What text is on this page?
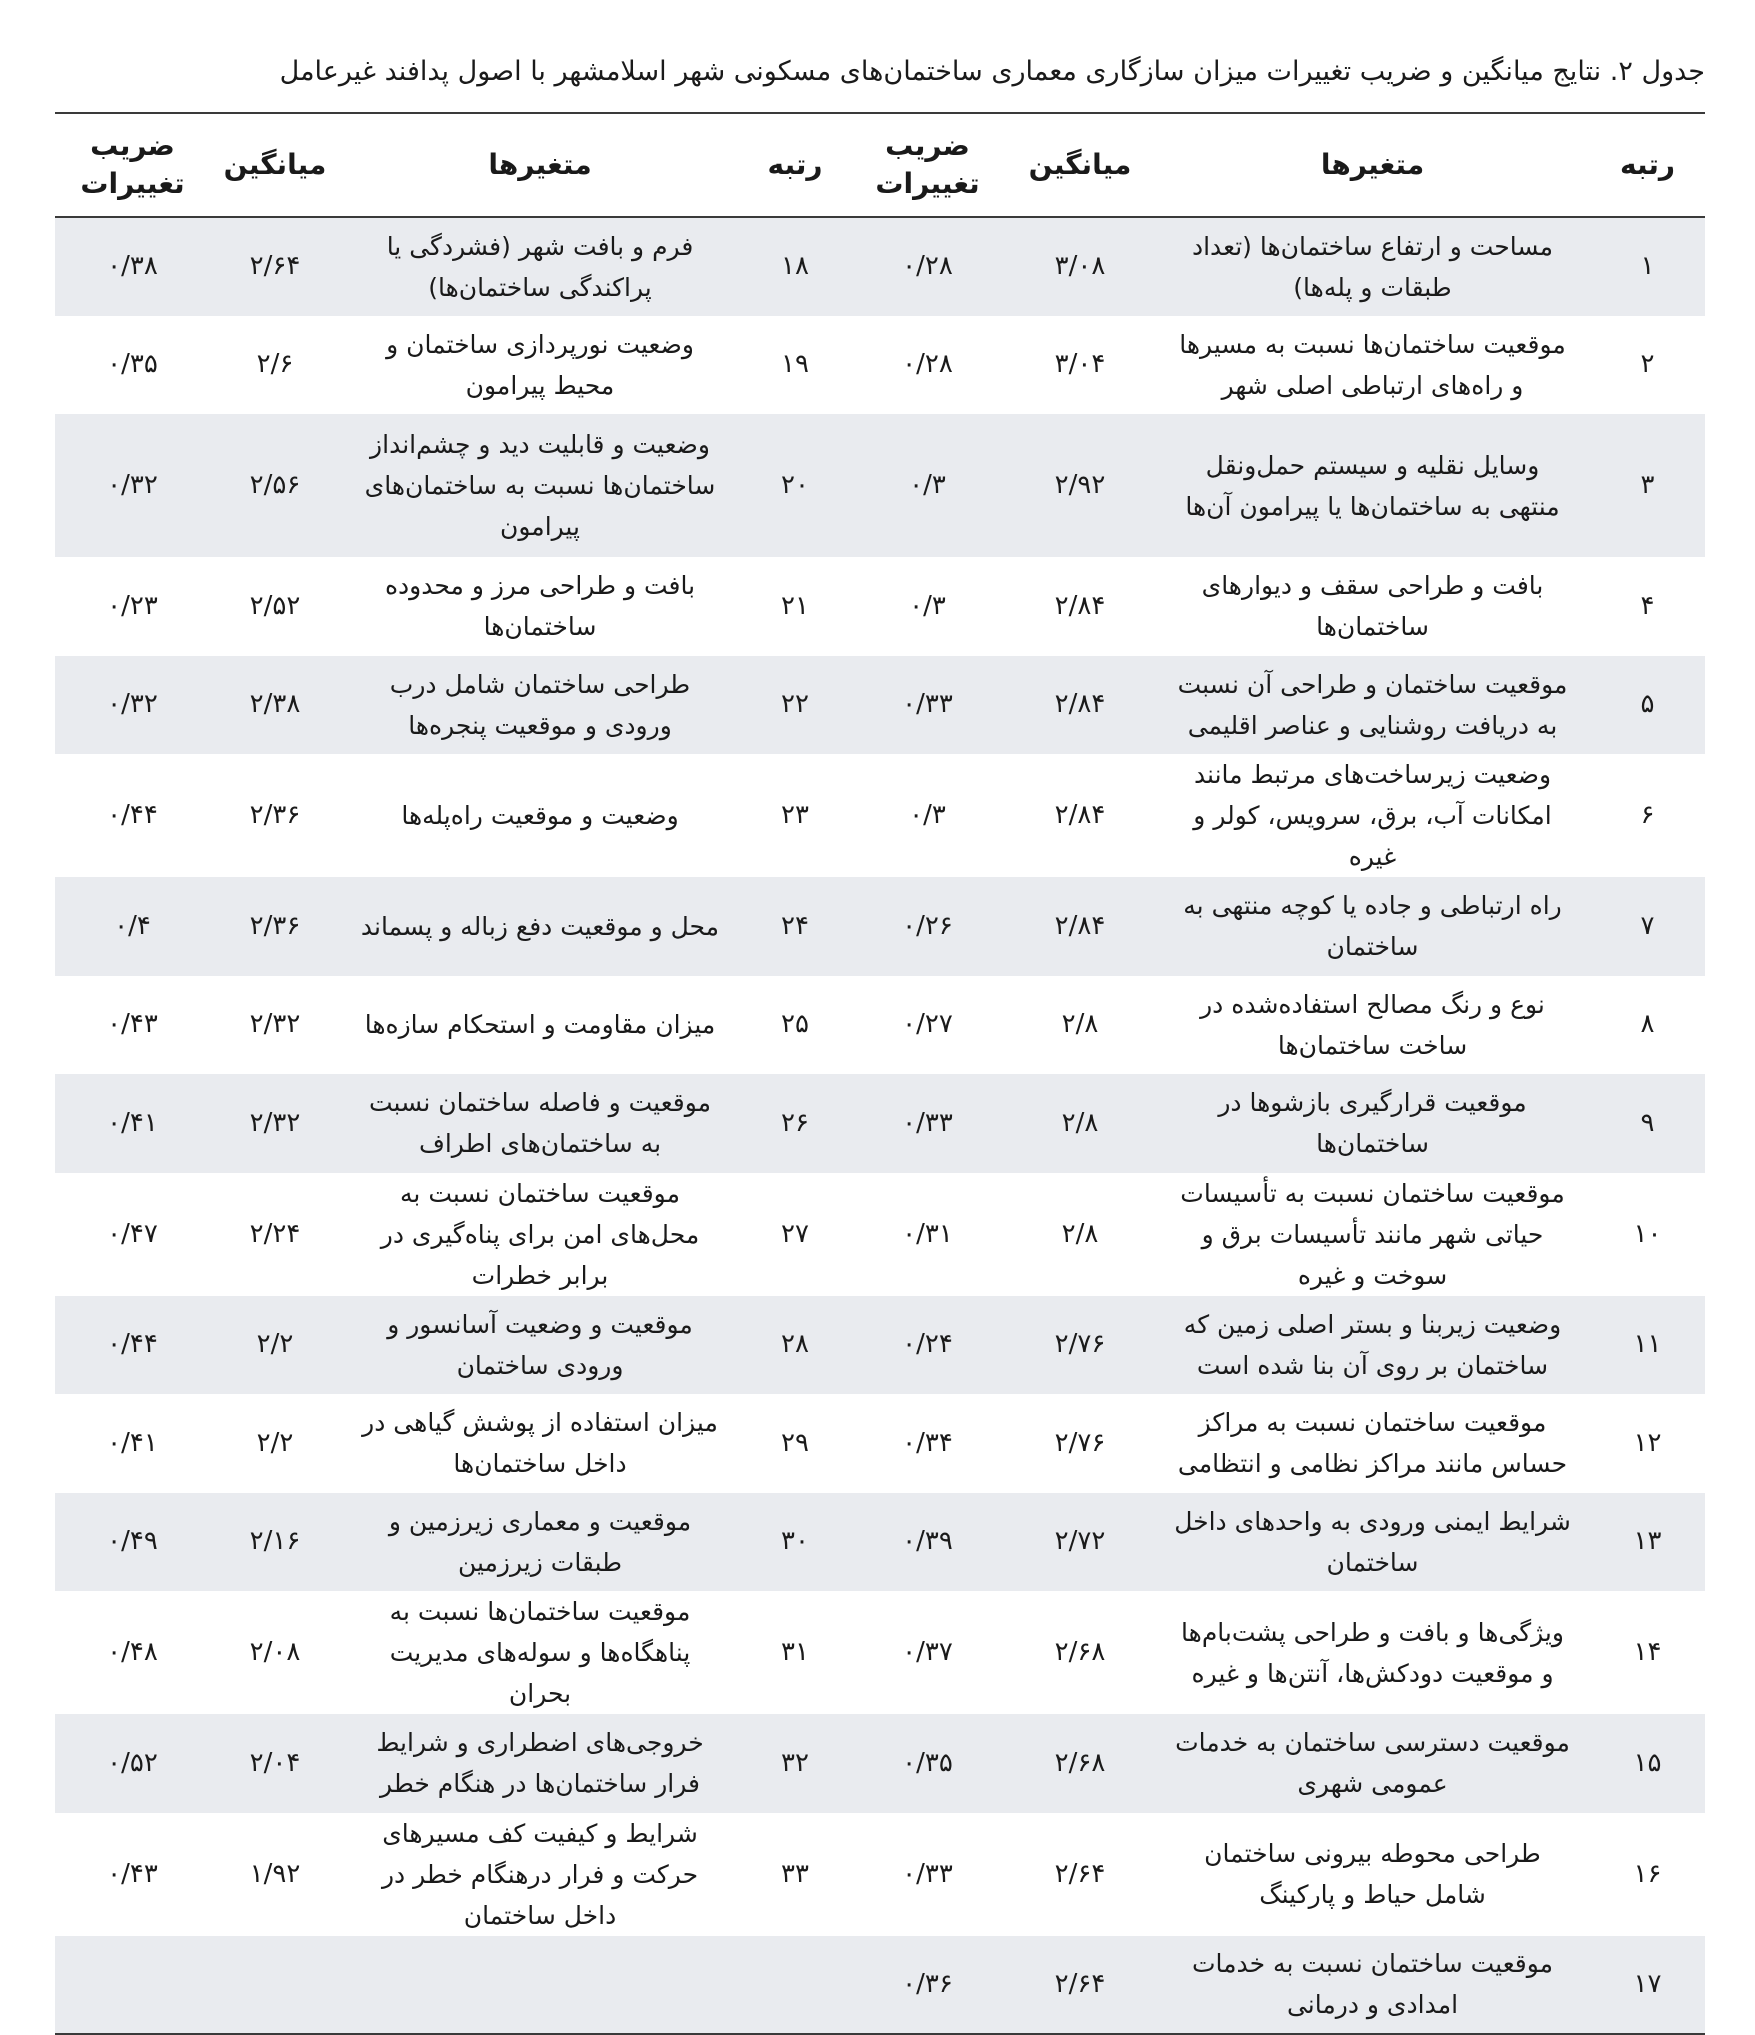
جدول ۲. نتایج میانگین و ضریب تغییرات میزان سازگاری معماری ساختمان‌های مسکونی شهر اسلامشهر با اصول پدافند غیرعامل
رتبه	متغیرها	میانگین	ضریب تغییرات	رتبه	متغیرها	میانگین	ضریب تغییرات
۱	مساحت و ارتفاع ساختمان‌ها (تعداد طبقات و پله‌ها)	۳/۰۸	۰/۲۸	۱۸	فرم و بافت شهر (فشردگی یا پراکندگی ساختمان‌ها)	۲/۶۴	۰/۳۸
۲	موقعیت ساختمان‌ها نسبت به مسیرها و راه‌های ارتباطی اصلی شهر	۳/۰۴	۰/۲۸	۱۹	وضعیت نورپردازی ساختمان و محیط پیرامون	۲/۶	۰/۳۵
۳	وسایل نقلیه و سیستم حمل‌ونقل منتهی به ساختمان‌ها یا پیرامون آن‌ها	۲/۹۲	۰/۳	۲۰	وضعیت و قابلیت دید و چشم‌انداز ساختمان‌ها نسبت به ساختمان‌های پیرامون	۲/۵۶	۰/۳۲
۴	بافت و طراحی سقف و دیوارهای ساختمان‌ها	۲/۸۴	۰/۳	۲۱	بافت و طراحی مرز و محدوده ساختمان‌ها	۲/۵۲	۰/۲۳
۵	موقعیت ساختمان و طراحی آن نسبت به دریافت روشنایی و عناصر اقلیمی	۲/۸۴	۰/۳۳	۲۲	طراحی ساختمان شامل درب ورودی و موقعیت پنجره‌ها	۲/۳۸	۰/۳۲
۶	وضعیت زیرساخت‌های مرتبط مانند امکانات آب، برق، سرویس، کولر و غیره	۲/۸۴	۰/۳	۲۳	وضعیت و موقعیت راه‌پله‌ها	۲/۳۶	۰/۴۴
۷	راه ارتباطی و جاده یا کوچه منتهی به ساختمان	۲/۸۴	۰/۲۶	۲۴	محل و موقعیت دفع زباله و پسماند	۲/۳۶	۰/۴
۸	نوع و رنگ مصالح استفاده‌شده در ساخت ساختمان‌ها	۲/۸	۰/۲۷	۲۵	میزان مقاومت و استحکام سازه‌ها	۲/۳۲	۰/۴۳
۹	موقعیت قرارگیری بازشوها در ساختمان‌ها	۲/۸	۰/۳۳	۲۶	موقعیت و فاصله ساختمان نسبت به ساختمان‌های اطراف	۲/۳۲	۰/۴۱
۱۰	موقعیت ساختمان نسبت به تأسیسات حیاتی شهر مانند تأسیسات برق و سوخت و غیره	۲/۸	۰/۳۱	۲۷	موقعیت ساختمان نسبت به محل‌های امن برای پناه‌گیری در برابر خطرات	۲/۲۴	۰/۴۷
۱۱	وضعیت زیربنا و بستر اصلی زمین که ساختمان بر روی آن بنا شده است	۲/۷۶	۰/۲۴	۲۸	موقعیت و وضعیت آسانسور و ورودی ساختمان	۲/۲	۰/۴۴
۱۲	موقعیت ساختمان نسبت به مراکز حساس مانند مراکز نظامی و انتظامی	۲/۷۶	۰/۳۴	۲۹	میزان استفاده از پوشش گیاهی در داخل ساختمان‌ها	۲/۲	۰/۴۱
۱۳	شرایط ایمنی ورودی به واحدهای داخل ساختمان	۲/۷۲	۰/۳۹	۳۰	موقعیت و معماری زیرزمین و طبقات زیرزمین	۲/۱۶	۰/۴۹
۱۴	ویژگی‌ها و بافت و طراحی پشت‌بام‌ها و موقعیت دودکش‌ها، آنتن‌ها و غیره	۲/۶۸	۰/۳۷	۳۱	موقعیت ساختمان‌ها نسبت به پناهگاه‌ها و سوله‌های مدیریت بحران	۲/۰۸	۰/۴۸
۱۵	موقعیت دسترسی ساختمان به خدمات عمومی شهری	۲/۶۸	۰/۳۵	۳۲	خروجی‌های اضطراری و شرایط فرار ساختمان‌ها در هنگام خطر	۲/۰۴	۰/۵۲
۱۶	طراحی محوطه بیرونی ساختمان شامل حیاط و پارکینگ	۲/۶۴	۰/۳۳	۳۳	شرایط و کیفیت کف مسیرهای حرکت و فرار درهنگام خطر در داخل ساختمان	۱/۹۲	۰/۴۳
۱۷	موقعیت ساختمان نسبت به خدمات امدادی و درمانی	۲/۶۴	۰/۳۶				
